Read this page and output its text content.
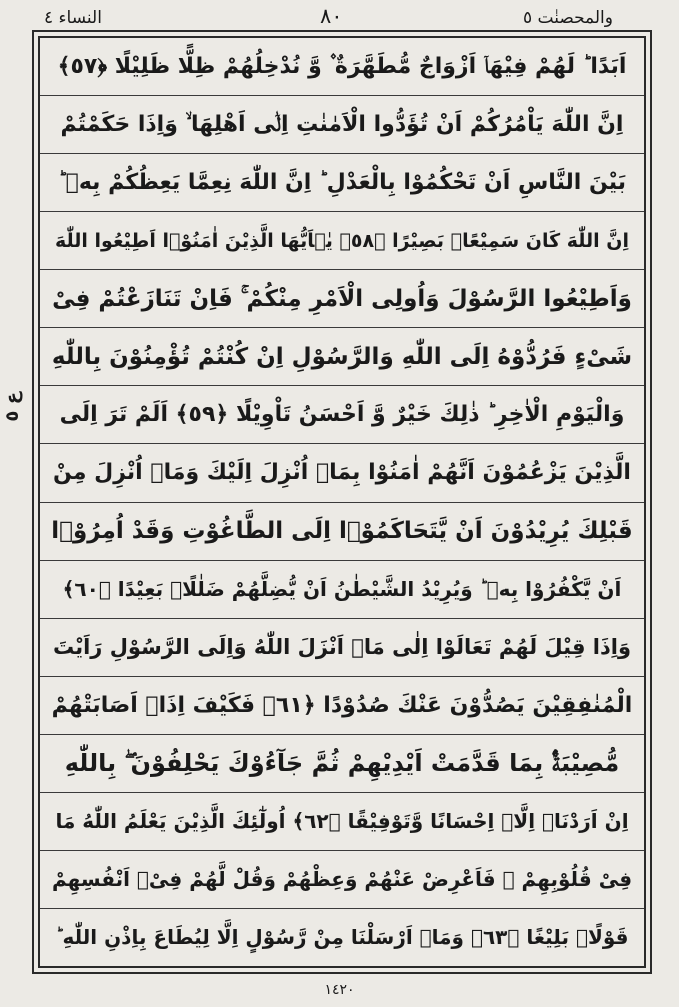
النساء ٤	٨٠	والمحصنٰت ٥
ع ٥
اَبَدًا ؕ لَهُمْ فِيْهَاۤ اَزْوَاجٌ مُّطَهَّرَةٌ ۫ وَّ نُدْخِلُهُمْ ظِلًّا ظَلِيْلًا ﴿٥٧﴾
اِنَّ اللّٰهَ يَاْمُرُكُمْ اَنْ تُؤَدُّوا الْاَمٰنٰتِ اِلٰۤى اَهْلِهَا ۙ وَاِذَا حَكَمْتُمْ
بَيْنَ النَّاسِ اَنْ تَحْكُمُوْا بِالْعَدْلِ ؕ اِنَّ اللّٰهَ نِعِمَّا يَعِظُكُمْ بِهٖ ؕ
اِنَّ اللّٰهَ كَانَ سَمِيْعًاۢ بَصِيْرًا ﴿٥٨﴾ يٰۤاَيُّهَا الَّذِيْنَ اٰمَنُوْۤا اَطِيْعُوا اللّٰهَ
وَاَطِيْعُوا الرَّسُوْلَ وَاُولِى الْاَمْرِ مِنْكُمْ ۚ فَاِنْ تَنَازَعْتُمْ فِىْ
شَىْءٍ فَرُدُّوْهُ اِلَى اللّٰهِ وَالرَّسُوْلِ اِنْ كُنْتُمْ تُؤْمِنُوْنَ بِاللّٰهِ
وَالْيَوْمِ الْاٰخِرِ ؕ ذٰلِكَ خَيْرٌ وَّ اَحْسَنُ تَاْوِيْلًا ﴿٥٩﴾ اَلَمْ تَرَ اِلَى
الَّذِيْنَ يَزْعُمُوْنَ اَنَّهُمْ اٰمَنُوْا بِمَاۤ اُنْزِلَ اِلَيْكَ وَمَاۤ اُنْزِلَ مِنْ
قَبْلِكَ يُرِيْدُوْنَ اَنْ يَّتَحَاكَمُوْۤا اِلَى الطَّاغُوْتِ وَقَدْ اُمِرُوْۤا
اَنْ يَّكْفُرُوْا بِهٖ ؕ وَيُرِيْدُ الشَّيْطٰنُ اَنْ يُّضِلَّهُمْ ضَلٰلًاۢ بَعِيْدًا ﴿٦٠﴾
وَاِذَا قِيْلَ لَهُمْ تَعَالَوْا اِلٰى مَاۤ اَنْزَلَ اللّٰهُ وَاِلَى الرَّسُوْلِ رَاَيْتَ
الْمُنٰفِقِيْنَ يَصُدُّوْنَ عَنْكَ صُدُوْدًا ﴿٦١﴾ فَكَيْفَ اِذَاۤ اَصَابَتْهُمْ
مُّصِيْبَةٌۢ بِمَا قَدَّمَتْ اَيْدِيْهِمْ ثُمَّ جَآءُوْكَ يَحْلِفُوْنَ ۖ بِاللّٰهِ
اِنْ اَرَدْنَاۤ اِلَّاۤ اِحْسَانًا وَّتَوْفِيْقًا ﴿٦٢﴾ اُولٰٓئِكَ الَّذِيْنَ يَعْلَمُ اللّٰهُ مَا
فِىْ قُلُوْبِهِمْ ۗ فَاَعْرِضْ عَنْهُمْ وَعِظْهُمْ وَقُلْ لَّهُمْ فِىْۤ اَنْفُسِهِمْ
قَوْلًاۢ بَلِيْغًا ﴿٦٣﴾ وَمَاۤ اَرْسَلْنَا مِنْ رَّسُوْلٍ اِلَّا لِيُطَاعَ بِاِذْنِ اللّٰهِ ؕ
١٤٢٠
